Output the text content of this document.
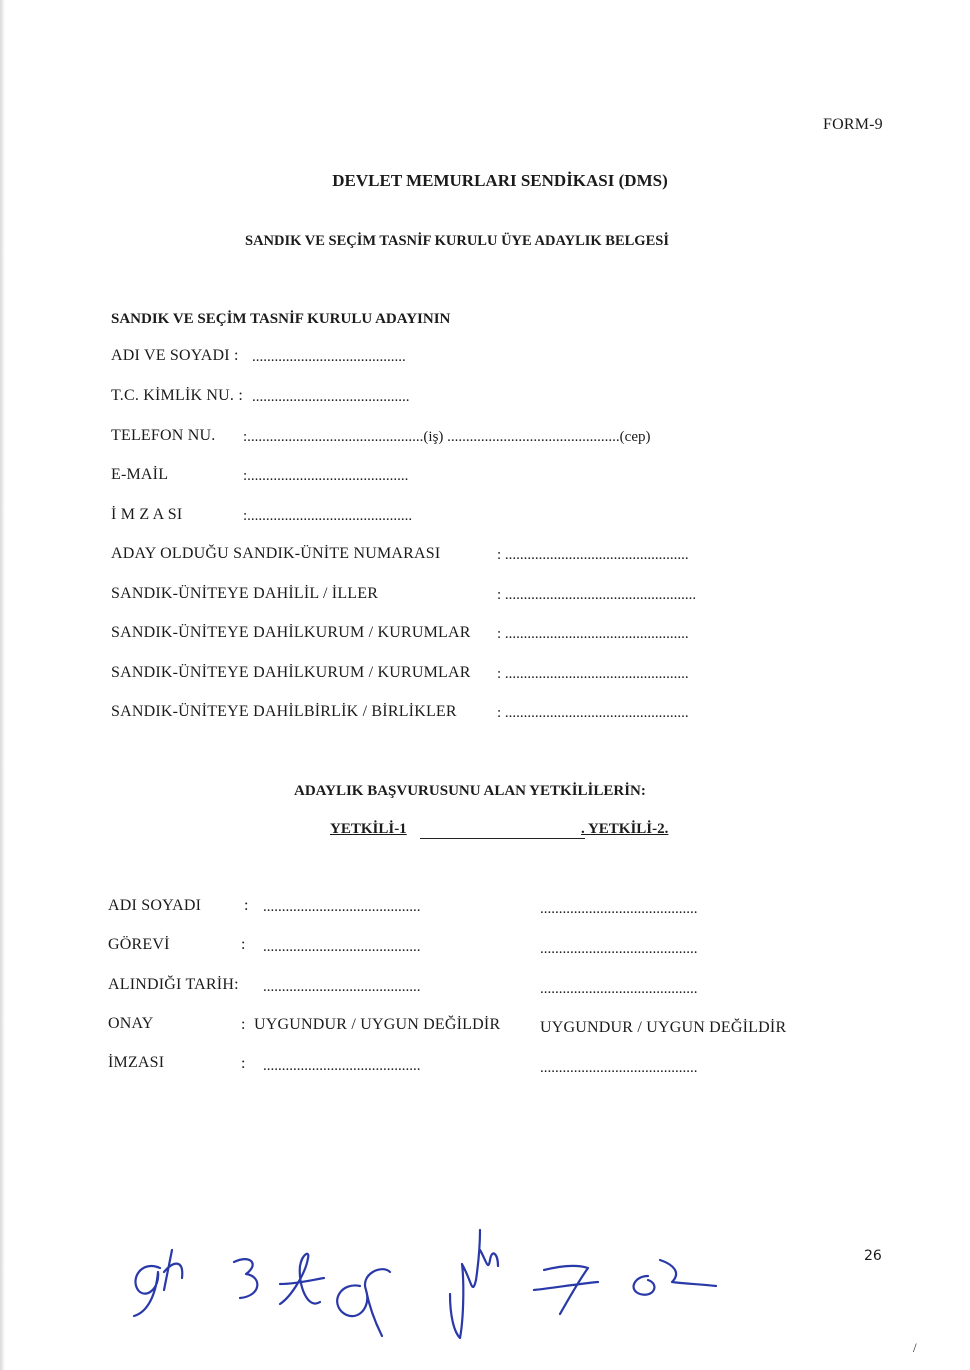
FORM-9
DEVLET MEMURLARI SENDİKASI (DMS)
SANDIK VE SEÇİM TASNİF KURULU ÜYE ADAYLIK BELGESİ
SANDIK VE SEÇİM TASNİF KURULU ADAYININ
ADI VE SOYADI : .........................................
T.C. KİMLİK NU. : ..........................................
TELEFON NU. :...............................................(iş) ..............................................(cep)
E-MAİL	:...........................................
İ M Z A SI	:............................................
ADAY OLDUĞU SANDIK-ÜNİTE NUMARASI	: .................................................
SANDIK-ÜNİTEYE DAHİLİL / İLLER	: ...................................................
SANDIK-ÜNİTEYE DAHİLKURUM / KURUMLAR : .................................................
SANDIK-ÜNİTEYE DAHİLKURUM / KURUMLAR : .................................................
SANDIK-ÜNİTEYE DAHİLBİRLİK / BİRLİKLER	: .................................................
ADAYLIK BAŞVURUSUNU ALAN YETKİLİLERİN:
YETKİLİ-1	. YETKİLİ-2.
ADI SOYADI	: ..........................................	..........................................
GÖREVİ	: ..........................................	..........................................
ALINDIĞI TARİH: ..........................................	..........................................
ONAY	: UYGUNDUR / UYGUN DEĞİLDİR UYGUNDUR / UYGUN DEĞİLDİR
İMZASI	: ..........................................	..........................................
26
/
